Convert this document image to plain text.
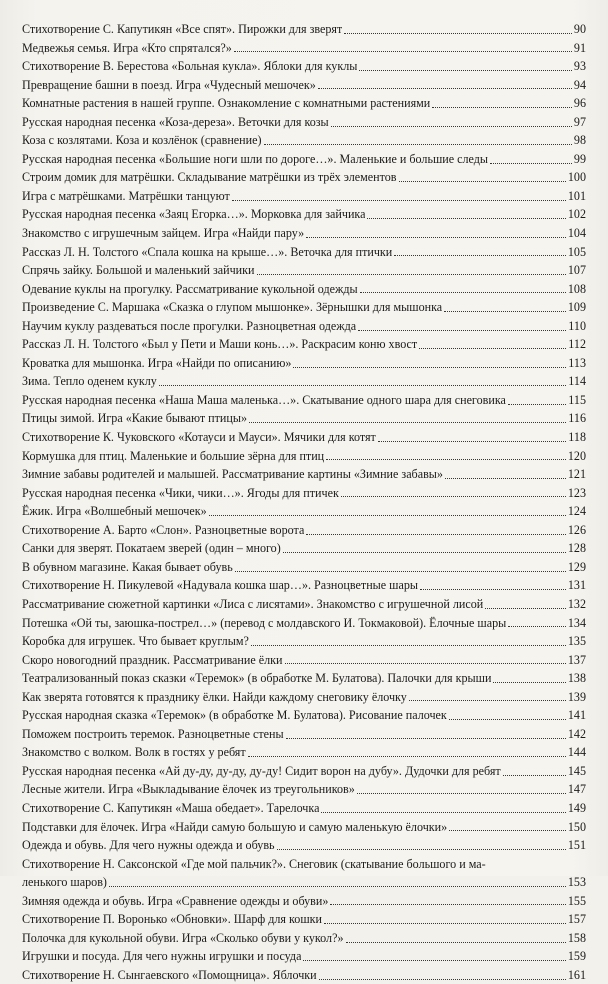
Стихотворение С. Капутикян «Все спят». Пирожки для зверят	90
Медвежья семья. Игра «Кто спрятался?»	91
Стихотворение В. Берестова «Больная кукла». Яблоки для куклы	93
Превращение башни в поезд. Игра «Чудесный мешочек»	94
Комнатные растения в нашей группе. Ознакомление с комнатными растениями	96
Русская народная песенка «Коза-дереза». Веточки для козы	97
Коза с козлятами. Коза и козлёнок (сравнение)	98
Русская народная песенка «Большие ноги шли по дороге…». Маленькие и большие следы	99
Строим домик для матрёшки. Складывание матрёшки из трёх элементов	100
Игра с матрёшками. Матрёшки танцуют	101
Русская народная песенка «Заяц Егорка…». Морковка для зайчика	102
Знакомство с игрушечным зайцем. Игра «Найди пару»	104
Рассказ Л. Н. Толстого «Спала кошка на крыше…». Веточка для птички	105
Спрячь зайку. Большой и маленький зайчики	107
Одевание куклы на прогулку. Рассматривание кукольной одежды	108
Произведение С. Маршака «Сказка о глупом мышонке». Зёрнышки для мышонка	109
Научим куклу раздеваться после прогулки. Разноцветная одежда	110
Рассказ Л. Н. Толстого «Был у Пети и Маши конь…». Раскрасим коню хвост	112
Кроватка для мышонка. Игра «Найди по описанию»	113
Зима. Тепло оденем куклу	114
Русская народная песенка «Наша Маша маленька…». Скатывание одного шара для снеговика	115
Птицы зимой. Игра «Какие бывают птицы»	116
Стихотворение К. Чуковского «Котауси и Мауси». Мячики для котят	118
Кормушка для птиц. Маленькие и большие зёрна для птиц	120
Зимние забавы родителей и малышей. Рассматривание картины «Зимние забавы»	121
Русская народная песенка «Чики, чики…». Ягоды для птичек	123
Ёжик. Игра «Волшебный мешочек»	124
Стихотворение А. Барто «Слон». Разноцветные ворота	126
Санки для зверят. Покатаем зверей (один – много)	128
В обувном магазине. Какая бывает обувь	129
Стихотворение Н. Пикулевой «Надувала кошка шар…». Разноцветные шары	131
Рассматривание сюжетной картинки «Лиса с лисятами». Знакомство с игрушечной лисой	132
Потешка «Ой ты, заюшка-пострел…» (перевод с молдавского И. Токмаковой). Ёлочные шары	134
Коробка для игрушек. Что бывает круглым?	135
Скоро новогодний праздник. Рассматривание ёлки	137
Театрализованный показ сказки «Теремок» (в обработке М. Булатова). Палочки для крыши	138
Как зверята готовятся к празднику ёлки. Найди каждому снеговику ёлочку	139
Русская народная сказка «Теремок» (в обработке М. Булатова). Рисование палочек	141
Поможем построить теремок. Разноцветные стены	142
Знакомство с волком. Волк в гостях у ребят	144
Русская народная песенка «Ай ду-ду, ду-ду, ду-ду! Сидит ворон на дубу». Дудочки для ребят	145
Лесные жители. Игра «Выкладывание ёлочек из треугольников»	147
Стихотворение С. Капутикян «Маша обедает». Тарелочка	149
Подставки для ёлочек. Игра «Найди самую большую и самую маленькую ёлочки»	150
Одежда и обувь. Для чего нужны одежда и обувь	151
Стихотворение Н. Саксонской «Где мой пальчик?». Снеговик (скатывание большого и ма-
ленького шаров)	153
Зимняя одежда и обувь. Игра «Сравнение одежды и обуви»	155
Стихотворение П. Воронько «Обновки». Шарф для кошки	157
Полочка для кукольной обуви. Игра «Сколько обуви у кукол?»	158
Игрушки и посуда. Для чего нужны игрушки и посуда	159
Стихотворение Н. Сынгаевского «Помощница». Яблочки	161
